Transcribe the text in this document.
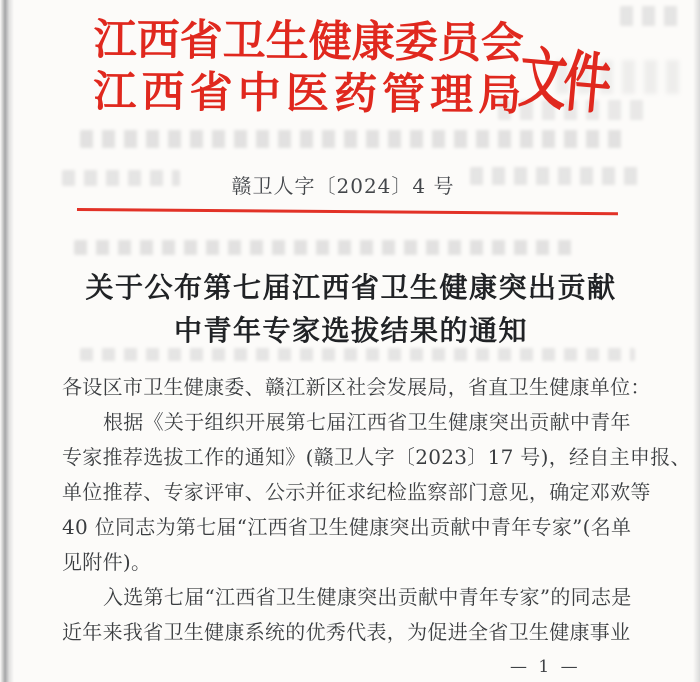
江西省卫生健康委员会
江西省中医药管理局
文件
赣卫人字〔2024〕4 号
关于公布第七届江西省卫生健康突出贡献
中青年专家选拔结果的通知
各设区市卫生健康委、赣江新区社会发展局，省直卫生健康单位：
根据《关于组织开展第七届江西省卫生健康突出贡献中青年
专家推荐选拔工作的通知》(赣卫人字〔2023〕17 号)，经自主申报、
单位推荐、专家评审、公示并征求纪检监察部门意见，确定邓欢等
40 位同志为第七届“江西省卫生健康突出贡献中青年专家”(名单
见附件)。
入选第七届“江西省卫生健康突出贡献中青年专家”的同志是
近年来我省卫生健康系统的优秀代表，为促进全省卫生健康事业
— 1 —
